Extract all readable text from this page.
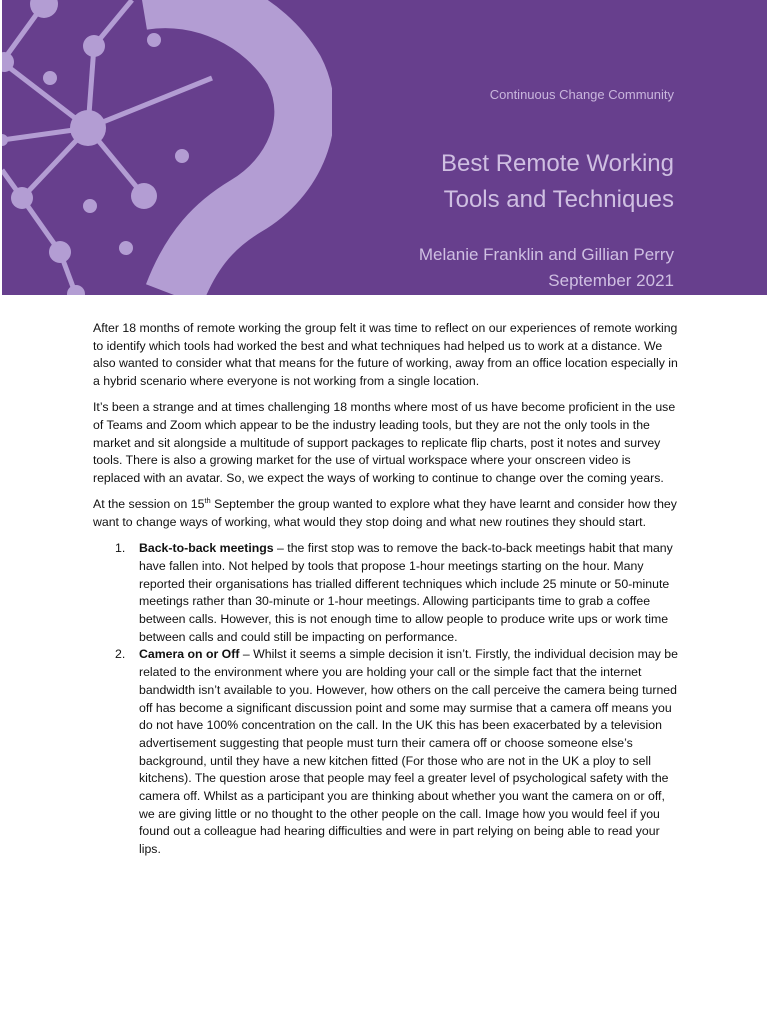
Continuous Change Community
Best Remote Working
Tools and Techniques
Melanie Franklin and Gillian Perry
September 2021

After 18 months of remote working the group felt it was time to reflect on our experiences of remote working to identify which tools had worked the best and what techniques had helped us to work at a distance. We also wanted to consider what that means for the future of working, away from an office location especially in a hybrid scenario where everyone is not working from a single location.

It’s been a strange and at times challenging 18 months where most of us have become proficient in the use of Teams and Zoom which appear to be the industry leading tools, but they are not the only tools in the market and sit alongside a multitude of support packages to replicate flip charts, post it notes and survey tools. There is also a growing market for the use of virtual workspace where your onscreen video is replaced with an avatar. So, we expect the ways of working to continue to change over the coming years.

At the session on 15th September the group wanted to explore what they have learnt and consider how they want to change ways of working, what would they stop doing and what new routines they should start.

1. Back-to-back meetings – the first stop was to remove the back-to-back meetings habit that many have fallen into. Not helped by tools that propose 1-hour meetings starting on the hour. Many reported their organisations has trialled different techniques which include 25 minute or 50-minute meetings rather than 30-minute or 1-hour meetings. Allowing participants time to grab a coffee between calls. However, this is not enough time to allow people to produce write ups or work time between calls and could still be impacting on performance.
2. Camera on or Off – Whilst it seems a simple decision it isn’t. Firstly, the individual decision may be related to the environment where you are holding your call or the simple fact that the internet bandwidth isn’t available to you. However, how others on the call perceive the camera being turned off has become a significant discussion point and some may surmise that a camera off means you do not have 100% concentration on the call. In the UK this has been exacerbated by a television advertisement suggesting that people must turn their camera off or choose someone else’s background, until they have a new kitchen fitted (For those who are not in the UK a ploy to sell kitchens). The question arose that people may feel a greater level of psychological safety with the camera off. Whilst as a participant you are thinking about whether you want the camera on or off, we are giving little or no thought to the other people on the call. Image how you would feel if you found out a colleague had hearing difficulties and were in part relying on being able to read your lips.
